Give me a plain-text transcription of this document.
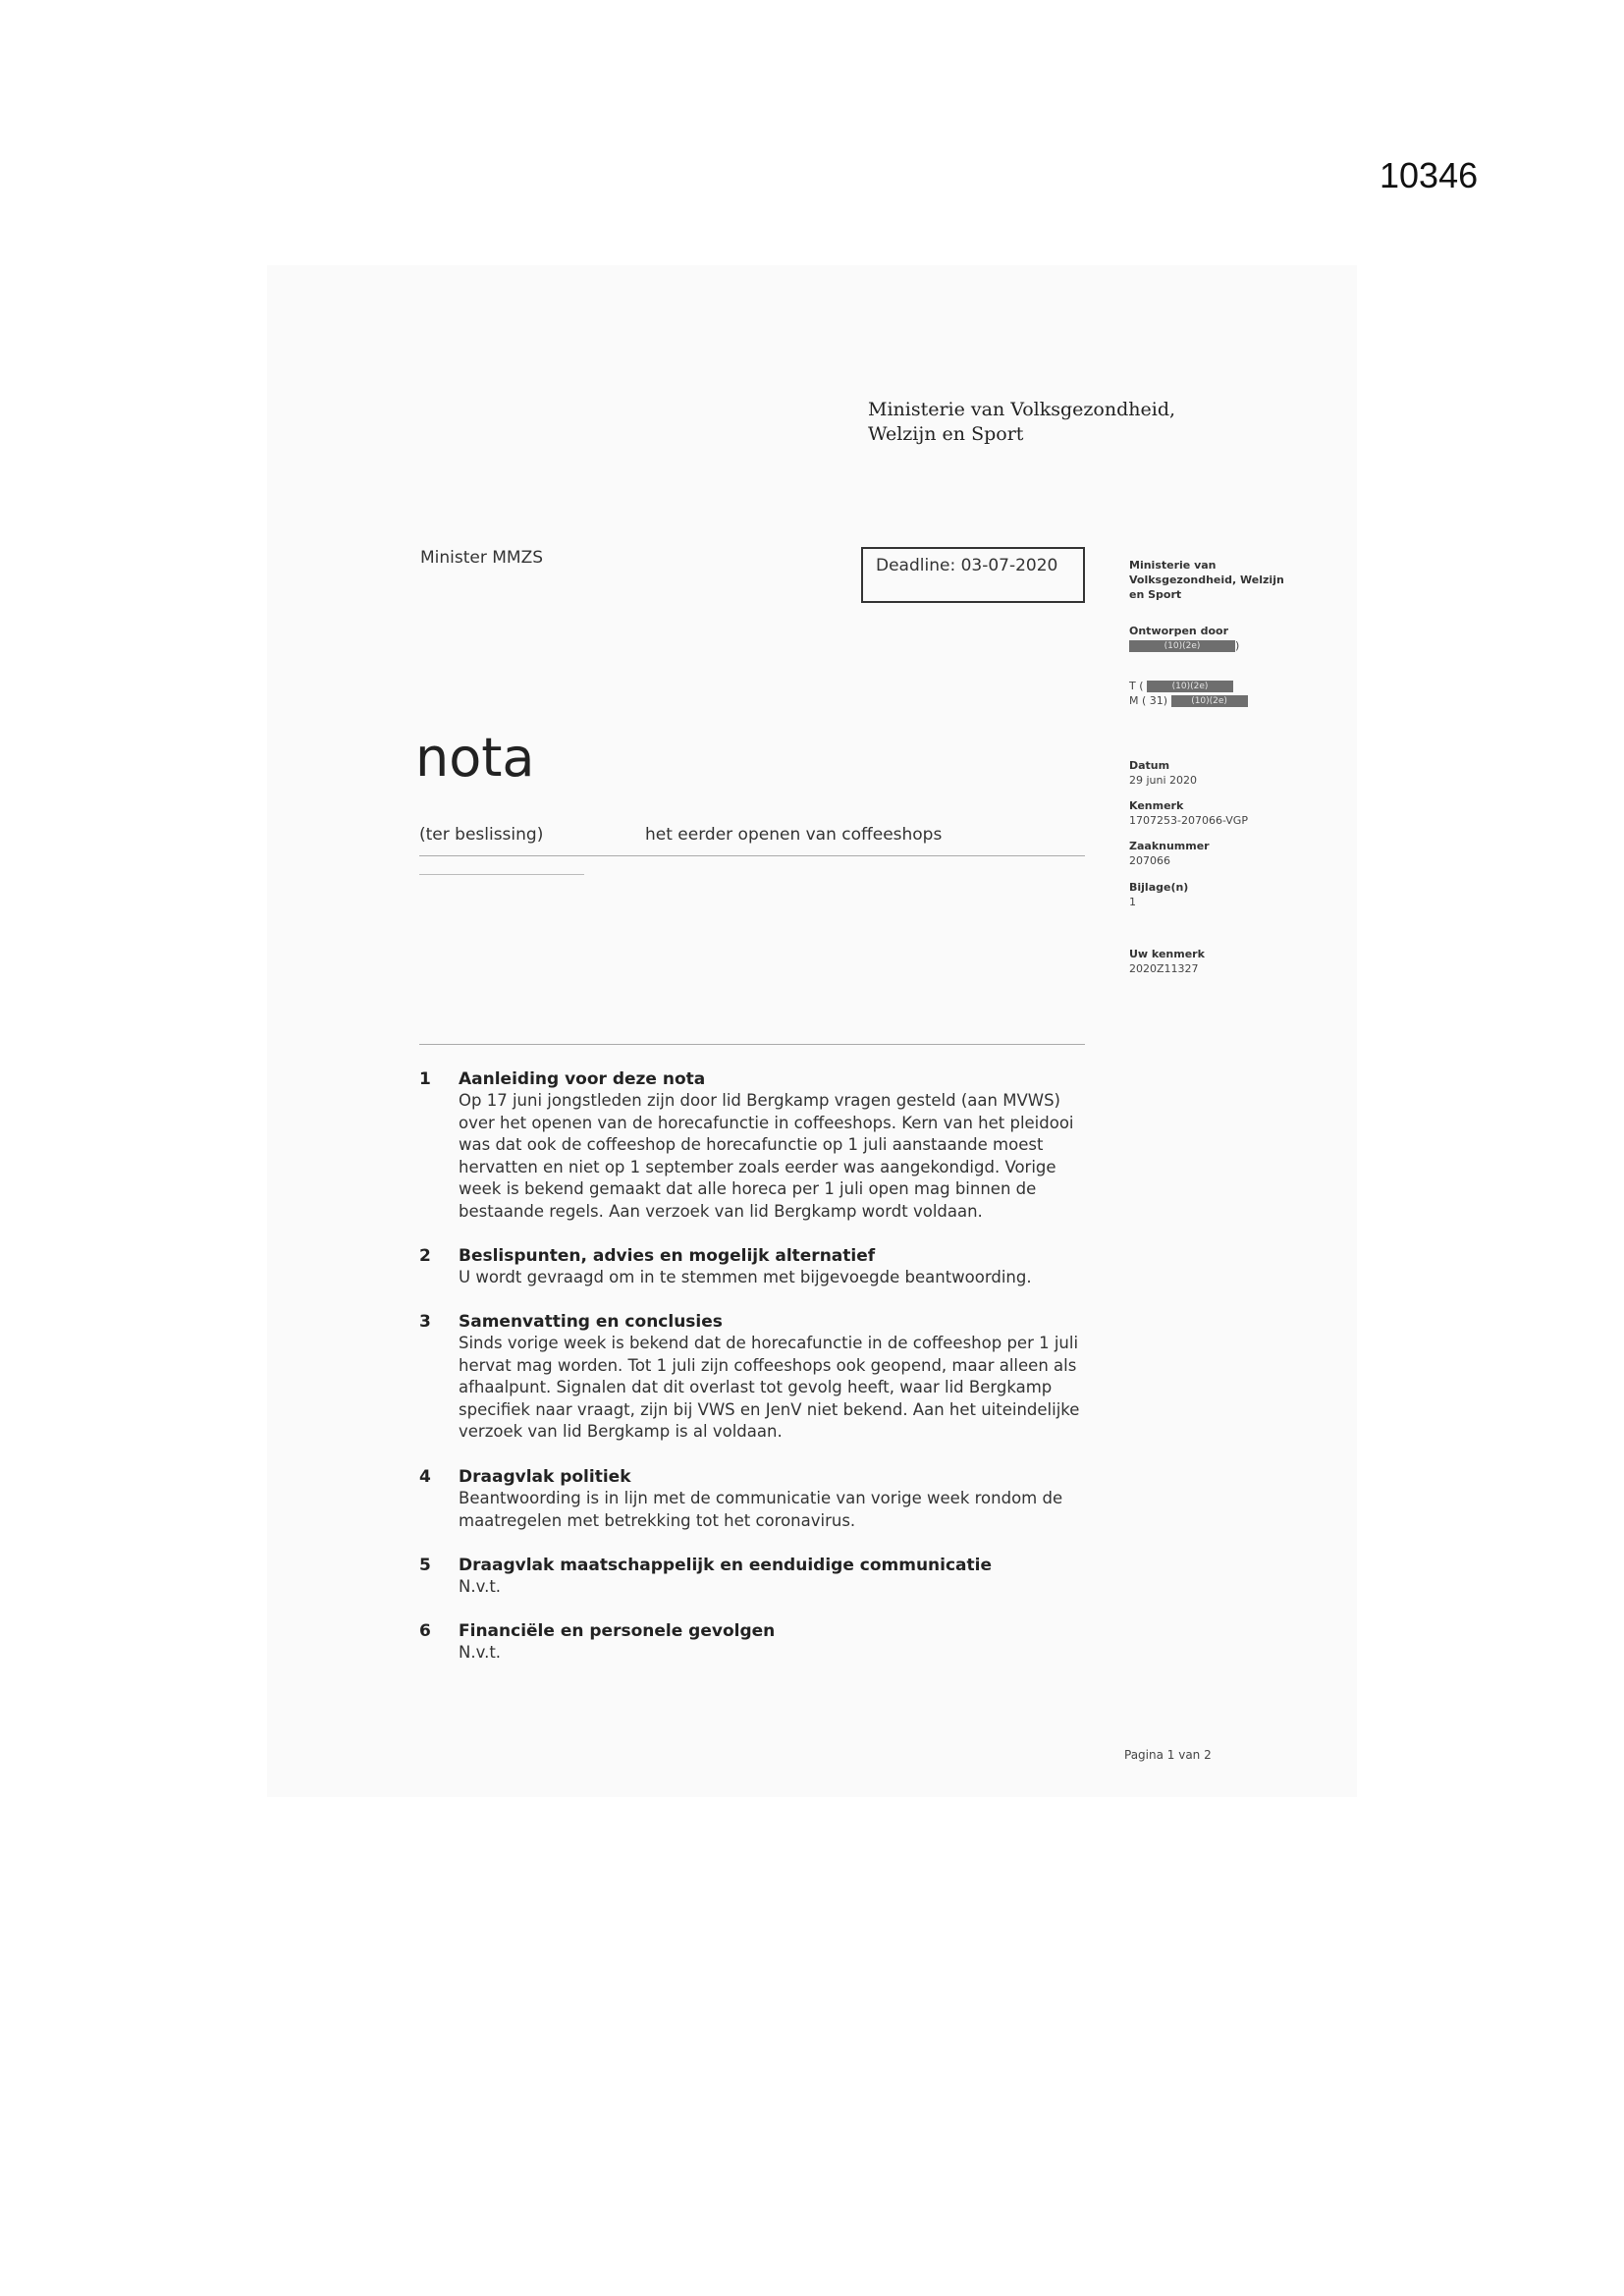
10346
Ministerie van Volksgezondheid,
Welzijn en Sport
Minister MMZS	Deadline: 03-07-2020
nota
(ter beslissing)	het eerder openen van coffeeshops
Ministerie van
Volksgezondheid, Welzijn
en Sport
Ontworpen door
(10)(2e)	)
T (	(10)(2e)
M ( 31)	(10)(2e)
Datum
29 juni 2020
Kenmerk
1707253-207066-VGP
Zaaknummer
207066
Bijlage(n)
1
Uw kenmerk
2020Z11327
1 Aanleiding voor deze nota
Op 17 juni jongstleden zijn door lid Bergkamp vragen gesteld (aan MVWS)
over het openen van de horecafunctie in coffeeshops. Kern van het pleidooi
was dat ook de coffeeshop de horecafunctie op 1 juli aanstaande moest
hervatten en niet op 1 september zoals eerder was aangekondigd. Vorige
week is bekend gemaakt dat alle horeca per 1 juli open mag binnen de
bestaande regels. Aan verzoek van lid Bergkamp wordt voldaan.
2 Beslispunten, advies en mogelijk alternatief
U wordt gevraagd om in te stemmen met bijgevoegde beantwoording.
3 Samenvatting en conclusies
Sinds vorige week is bekend dat de horecafunctie in de coffeeshop per 1 juli
hervat mag worden. Tot 1 juli zijn coffeeshops ook geopend, maar alleen als
afhaalpunt. Signalen dat dit overlast tot gevolg heeft, waar lid Bergkamp
specifiek naar vraagt, zijn bij VWS en JenV niet bekend. Aan het uiteindelijke
verzoek van lid Bergkamp is al voldaan.
4 Draagvlak politiek
Beantwoording is in lijn met de communicatie van vorige week rondom de
maatregelen met betrekking tot het coronavirus.
5 Draagvlak maatschappelijk en eenduidige communicatie
N.v.t.
6 Financiële en personele gevolgen
N.v.t.
Pagina 1 van 2
